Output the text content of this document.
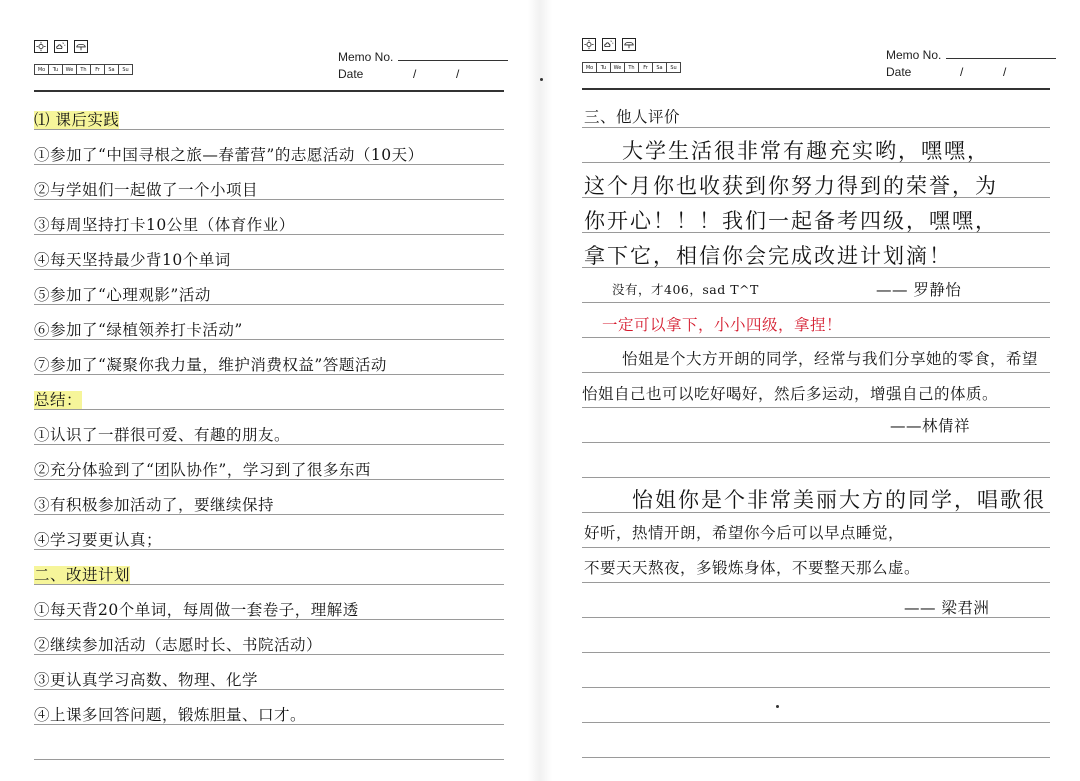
Mo	Tu	We	Th	Fr	Sa	Su
Memo No.
Date	/	/
⑴ 课后实践
①参加了“中国寻根之旅—春蕾营”的志愿活动（10天）
②与学姐们一起做了一个小项目
③每周坚持打卡10公里（体育作业）
④每天坚持最少背10个单词
⑤参加了“心理观影”活动
⑥参加了“绿植领养打卡活动”
⑦参加了“凝聚你我力量，维护消费权益”答题活动
总结：
①认识了一群很可爱、有趣的朋友。
②充分体验到了“团队协作”，学习到了很多东西
③有积极参加活动了，要继续保持
④学习要更认真；
二、改进计划
①每天背20个单词，每周做一套卷子，理解透
②继续参加活动（志愿时长、书院活动）
③更认真学习高数、物理、化学
④上课多回答问题，锻炼胆量、口才。
Mo	Tu	We	Th	Fr	Sa	Su
Memo No.
Date	/	/
三、他人评价
大学生活很非常有趣充实哟，嘿嘿，
这个月你也收获到你努力得到的荣誉，为
你开心！！！我们一起备考四级，嘿嘿，
拿下它，相信你会完成改进计划滴！
没有，才406，sad T^T	—— 罗静怡
一定可以拿下，小小四级，拿捏！
怡姐是个大方开朗的同学，经常与我们分享她的零食，希望
怡姐自己也可以吃好喝好，然后多运动，增强自己的体质。
——林倩祥
怡姐你是个非常美丽大方的同学，唱歌很
好听，热情开朗，希望你今后可以早点睡觉，
不要天天熬夜，多锻炼身体，不要整天那么虚。
—— 梁君洲
